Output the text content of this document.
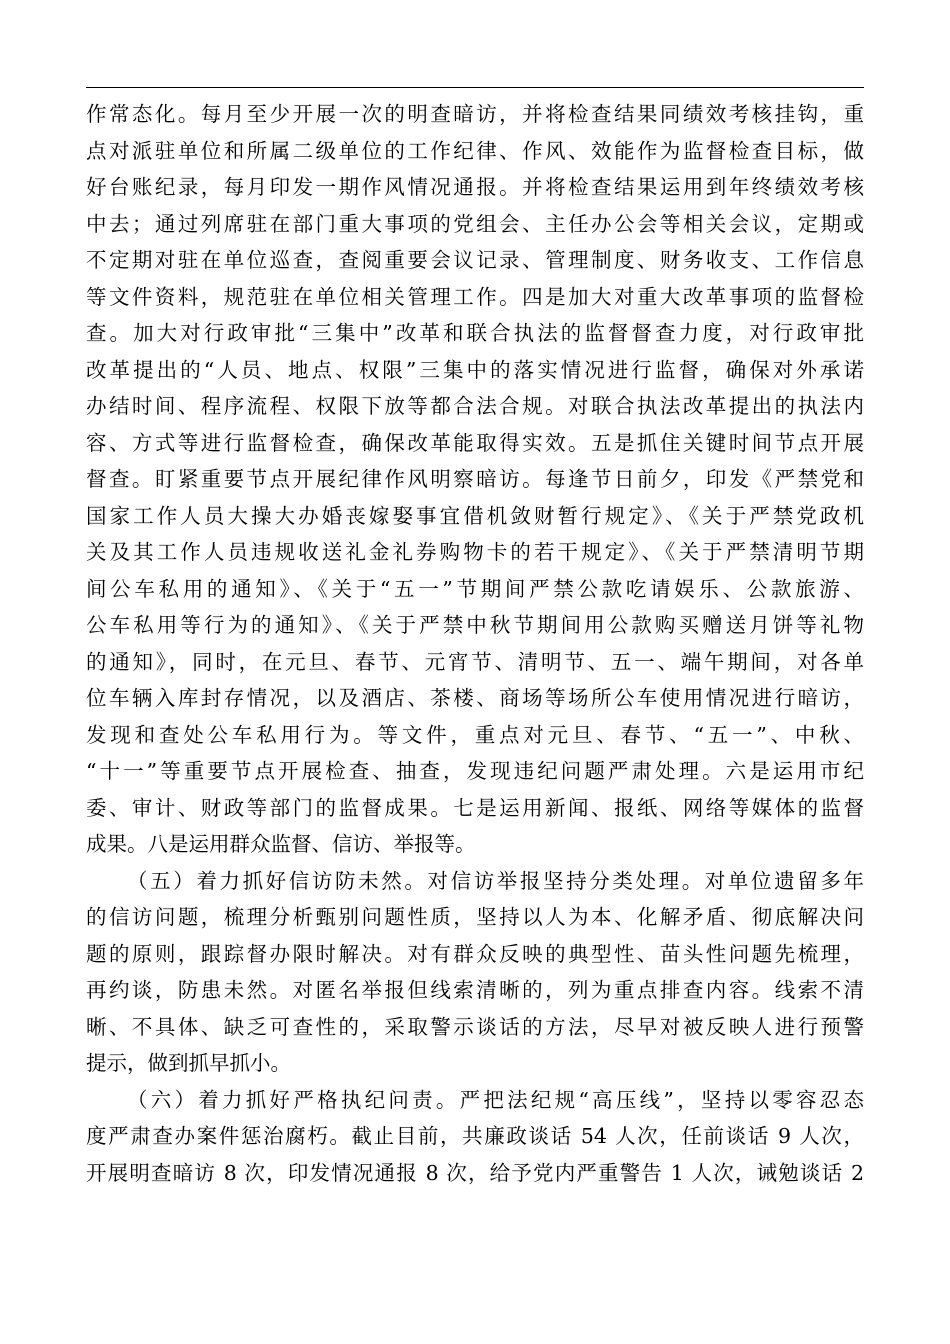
作常态化。每月至少开展一次的明查暗访，并将检查结果同绩效考核挂钩，重
点对派驻单位和所属二级单位的工作纪律、作风、效能作为监督检查目标，做
好台账纪录，每月印发一期作风情况通报。并将检查结果运用到年终绩效考核
中去；通过列席驻在部门重大事项的党组会、主任办公会等相关会议，定期或
不定期对驻在单位巡查，查阅重要会议记录、管理制度、财务收支、工作信息
等文件资料，规范驻在单位相关管理工作。四是加大对重大改革事项的监督检
查。加大对行政审批“三集中”改革和联合执法的监督督查力度，对行政审批
改革提出的“人员、地点、权限”三集中的落实情况进行监督，确保对外承诺
办结时间、程序流程、权限下放等都合法合规。对联合执法改革提出的执法内
容、方式等进行监督检查，确保改革能取得实效。五是抓住关键时间节点开展
督查。盯紧重要节点开展纪律作风明察暗访。每逢节日前夕，印发《严禁党和
国家工作人员大操大办婚丧嫁娶事宜借机敛财暂行规定》、《关于严禁党政机
关及其工作人员违规收送礼金礼券购物卡的若干规定》、《关于严禁清明节期
间公车私用的通知》、《关于“五一”节期间严禁公款吃请娱乐、公款旅游、
公车私用等行为的通知》、《关于严禁中秋节期间用公款购买赠送月饼等礼物
的通知》，同时，在元旦、春节、元宵节、清明节、五一、端午期间，对各单
位车辆入库封存情况，以及酒店、茶楼、商场等场所公车使用情况进行暗访，
发现和查处公车私用行为。等文件，重点对元旦、春节、“五一”、中秋、
“十一”等重要节点开展检查、抽查，发现违纪问题严肃处理。六是运用市纪
委、审计、财政等部门的监督成果。七是运用新闻、报纸、网络等媒体的监督
成果。八是运用群众监督、信访、举报等。
（五）着力抓好信访防未然。对信访举报坚持分类处理。对单位遗留多年
的信访问题，梳理分析甄别问题性质，坚持以人为本、化解矛盾、彻底解决问
题的原则，跟踪督办限时解决。对有群众反映的典型性、苗头性问题先梳理，
再约谈，防患未然。对匿名举报但线索清晰的，列为重点排查内容。线索不清
晰、不具体、缺乏可查性的，采取警示谈话的方法，尽早对被反映人进行预警
提示，做到抓早抓小。
（六）着力抓好严格执纪问责。严把法纪规“高压线”，坚持以零容忍态
度严肃查办案件惩治腐朽。截止目前，共廉政谈话 54 人次，任前谈话 9 人次，
开展明查暗访 8 次，印发情况通报 8 次，给予党内严重警告 1 人次，诫勉谈话 2
